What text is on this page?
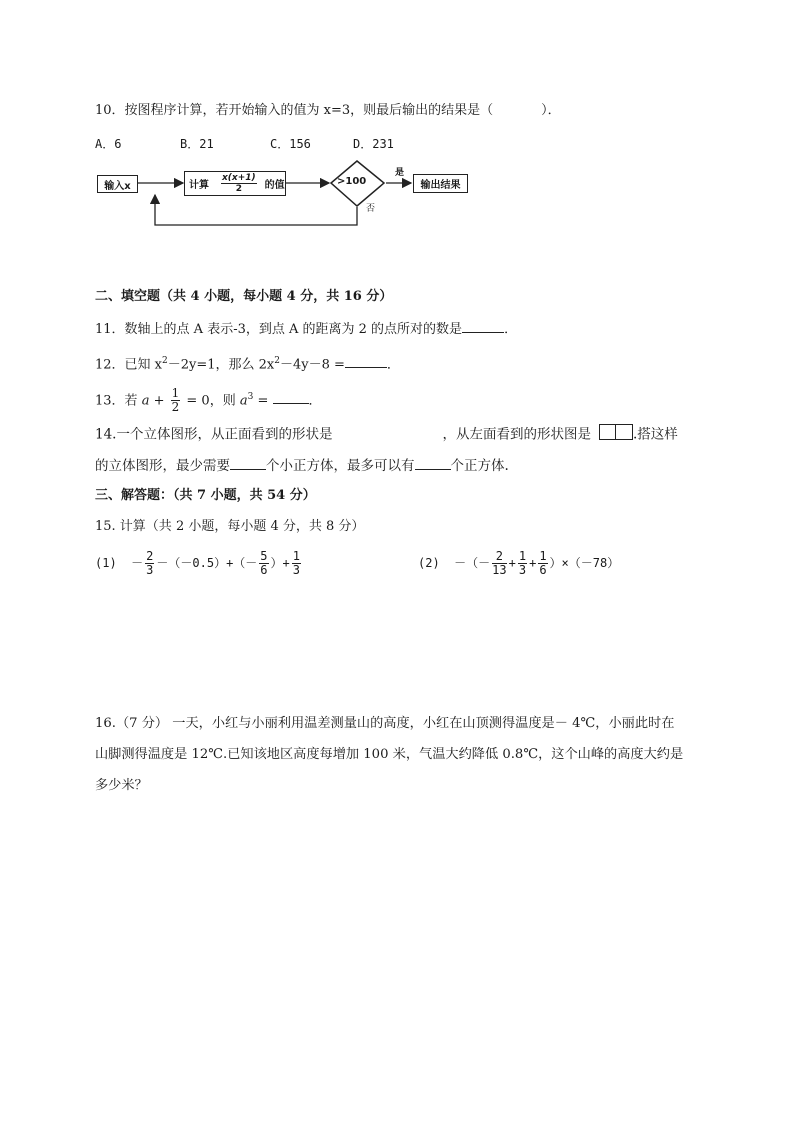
10．按图程序计算，若开始输入的值为 x=3，则最后输出的结果是（	）．
A．6	B．21	C．156	D．231
输入x	计算 $\frac{x(x+1)}{2}$ 的值	>100
是
否
输出结果
二、填空题（共 4 小题，每小题 4 分，共 16 分）
11．数轴上的点 A 表示-3，到点 A 的距离为 2 的点所对的数是	．
12．已知 $x^2-2y=1$，那么 $2x^2-4y-8$ =	．
13．若 $a + \frac{1}{2} = 0$，则 $a^3$ =	．
14.一个立体图形，从正面看到的形状是	，从左面看到的形状图是	.搭这样
的立体图形，最少需要	个小正方体，最多可以有	个正方体.
三、解答题：（共 7 小题，共 54 分）
15. 计算（共 2 小题，每小题 4 分，共 8 分）
$(1) - \frac{2}{3} -(-0.5)+(- \frac{5}{6}$ ）+ $\frac{1}{3}$	(2) －（－ $\frac{2}{13} + \frac{1}{3} + \frac{1}{6} )\times(-78)$
16.（7 分） 一天，小红与小丽利用温差测量山的高度，小红在山顶测得温度是－ 4℃，小丽此时在
山脚测得温度是 12℃.已知该地区高度每增加 100 米，气温大约降低 0.8℃，这个山峰的高度大约是
多少米？
